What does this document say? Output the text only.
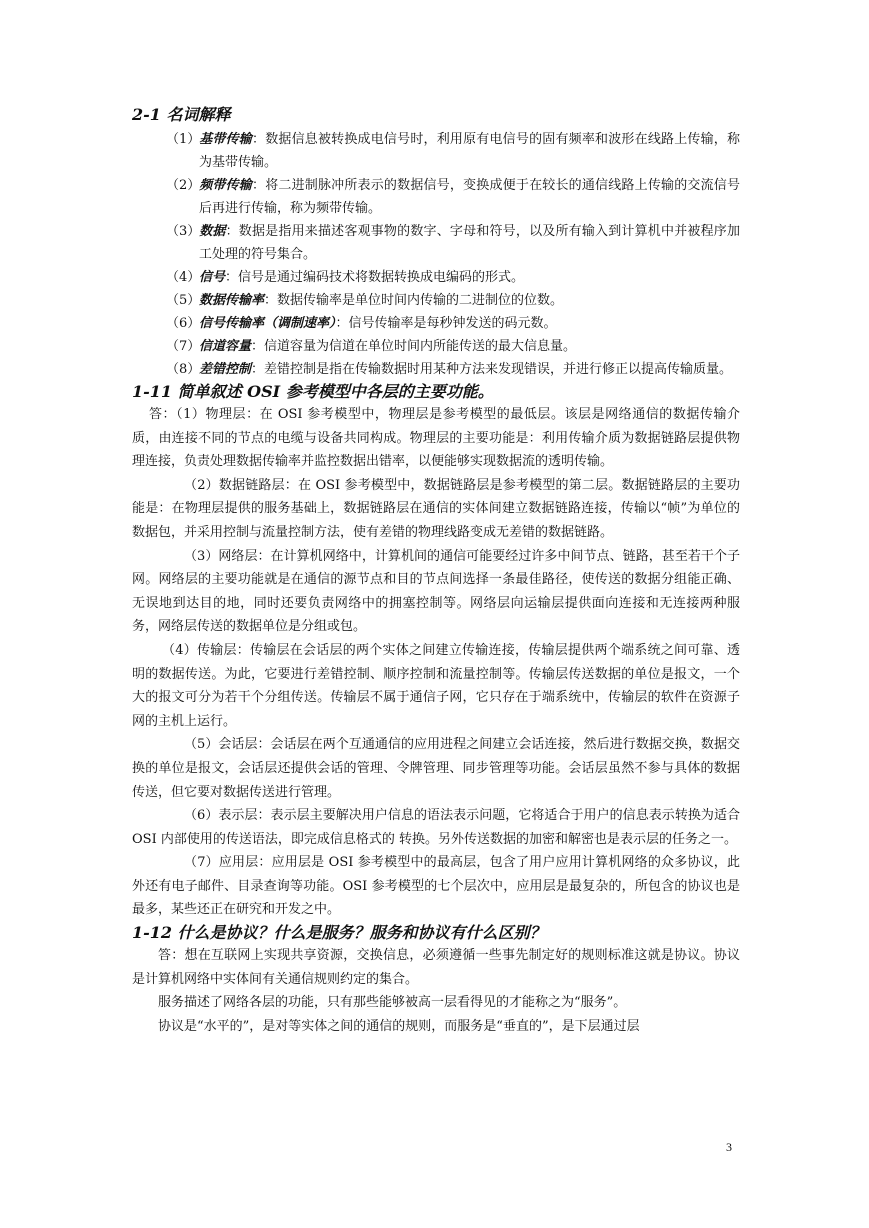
2-1 名词解释
（1）基带传输：数据信息被转换成电信号时，利用原有电信号的固有频率和波形在线路上传输，称为基带传输。
（2）频带传输：将二进制脉冲所表示的数据信号，变换成便于在较长的通信线路上传输的交流信号后再进行传输，称为频带传输。
（3）数据：数据是指用来描述客观事物的数字、字母和符号，以及所有输入到计算机中并被程序加工处理的符号集合。
（4）信号：信号是通过编码技术将数据转换成电编码的形式。
（5）数据传输率：数据传输率是单位时间内传输的二进制位的位数。
（6）信号传输率（调制速率）：信号传输率是每秒钟发送的码元数。
（7）信道容量：信道容量为信道在单位时间内所能传送的最大信息量。
（8）差错控制：差错控制是指在传输数据时用某种方法来发现错误，并进行修正以提高传输质量。
1-11 简单叙述 OSI 参考模型中各层的主要功能。

答：（1）物理层：在 OSI 参考模型中，物理层是参考模型的最低层。该层是网络通信的数据传输介质，由连接不同的节点的电缆与设备共同构成。物理层的主要功能是：利用传输介质为数据链路层提供物理连接，负责处理数据传输率并监控数据出错率，以便能够实现数据流的透明传输。

（2）数据链路层：在 OSI 参考模型中，数据链路层是参考模型的第二层。数据链路层的主要功能是：在物理层提供的服务基础上，数据链路层在通信的实体间建立数据链路连接，传输以“帧”为单位的数据包，并采用控制与流量控制方法，使有差错的物理线路变成无差错的数据链路。

（3）网络层：在计算机网络中，计算机间的通信可能要经过许多中间节点、链路，甚至若干个子网。网络层的主要功能就是在通信的源节点和目的节点间选择一条最佳路径，使传送的数据分组能正确、无误地到达目的地，同时还要负责网络中的拥塞控制等。网络层向运输层提供面向连接和无连接两种服务，网络层传送的数据单位是分组或包。

（4）传输层：传输层在会话层的两个实体之间建立传输连接，传输层提供两个端系统之间可靠、透明的数据传送。为此，它要进行差错控制、顺序控制和流量控制等。传输层传送数据的单位是报文，一个大的报文可分为若干个分组传送。传输层不属于通信子网，它只存在于端系统中，传输层的软件在资源子网的主机上运行。

（5）会话层：会话层在两个互通通信的应用进程之间建立会话连接，然后进行数据交换，数据交换的单位是报文，会话层还提供会话的管理、令牌管理、同步管理等功能。会话层虽然不参与具体的数据传送，但它要对数据传送进行管理。

（6）表示层：表示层主要解决用户信息的语法表示问题，它将适合于用户的信息表示转换为适合 OSI 内部使用的传送语法，即完成信息格式的 转换。另外传送数据的加密和解密也是表示层的任务之一。

（7）应用层：应用层是 OSI 参考模型中的最高层，包含了用户应用计算机网络的众多协议，此外还有电子邮件、目录查询等功能。OSI 参考模型的七个层次中，应用层是最复杂的，所包含的协议也是最多，某些还正在研究和开发之中。

1-12 什么是协议？什么是服务？服务和协议有什么区别？

答：想在互联网上实现共享资源，交换信息，必须遵循一些事先制定好的规则标准这就是协议。协议是计算机网络中实体间有关通信规则约定的集合。

服务描述了网络各层的功能，只有那些能够被高一层看得见的才能称之为“服务”。

协议是“水平的”，是对等实体之间的通信的规则，而服务是“垂直的”，是下层通过层

3
